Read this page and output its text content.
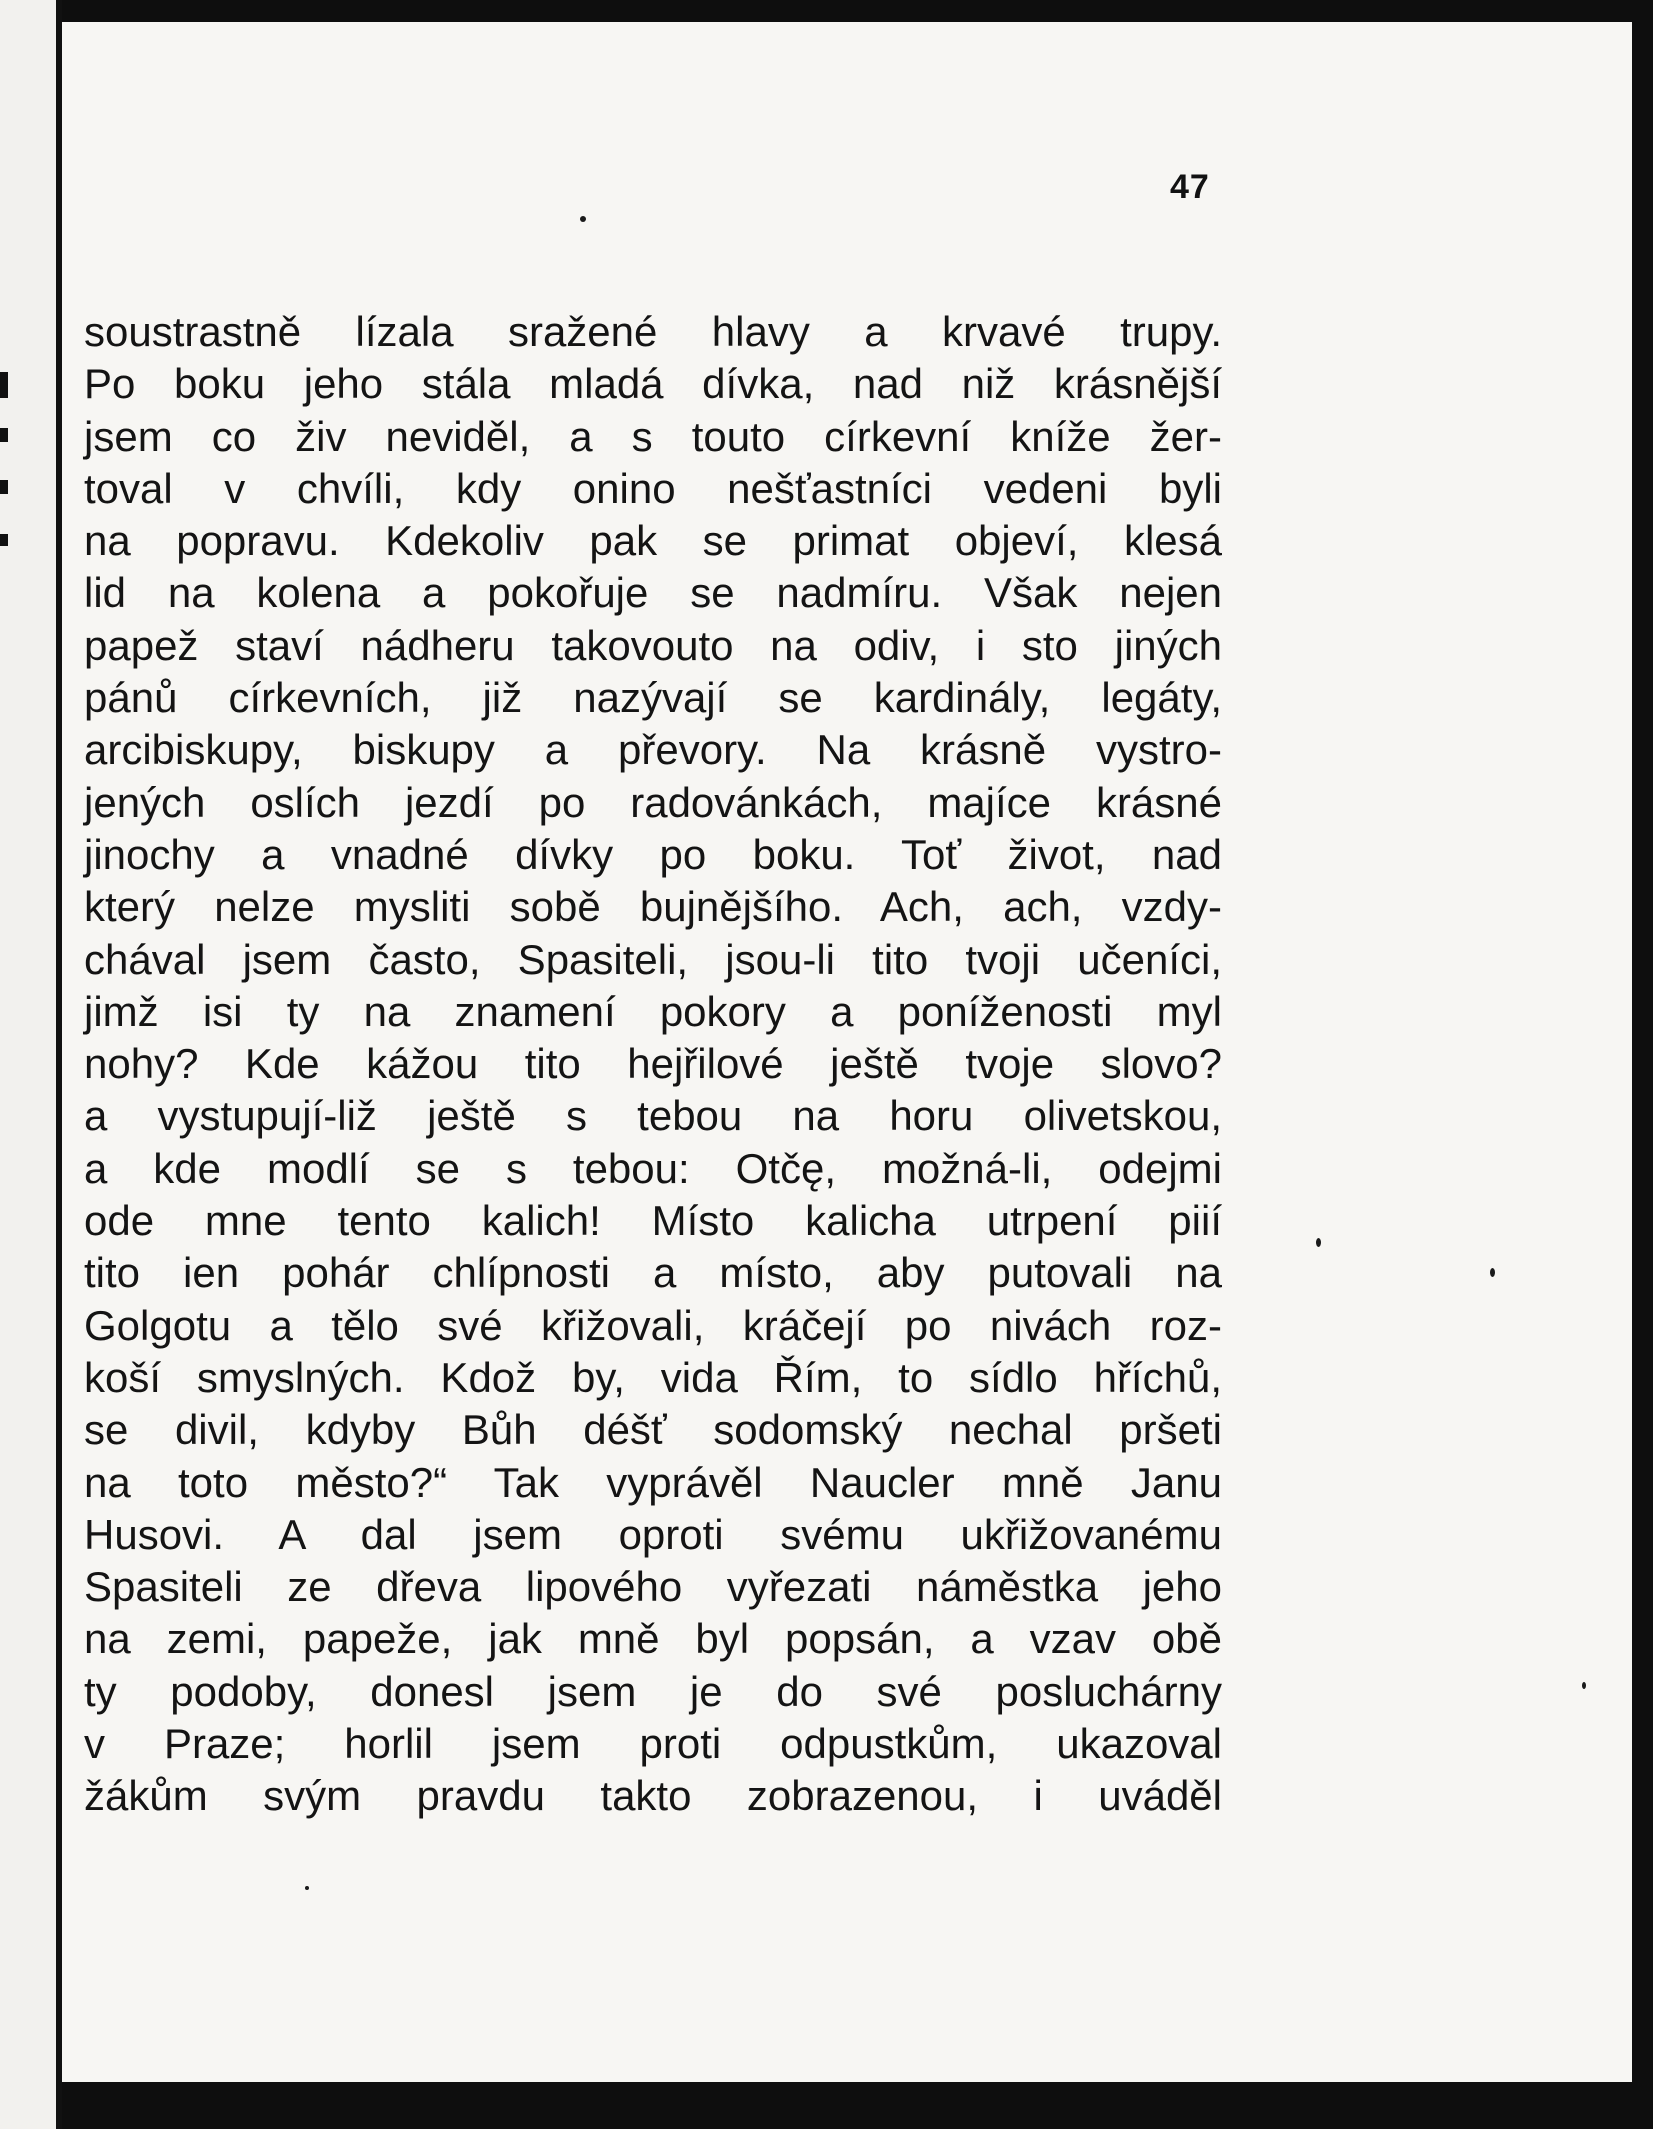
47
soustrastně lízala sražené hlavy a krvavé trupy.
Po boku jeho stála mladá dívka, nad niž krásnější
jsem co živ neviděl, a s touto církevní kníže žer-
toval v chvíli, kdy onino nešťastníci vedeni byli
na popravu. Kdekoliv pak se primat objeví, klesá
lid na kolena a pokořuje se nadmíru. Však nejen
papež staví nádheru takovouto na odiv, i sto jiných
pánů církevních, již nazývají se kardinály, legáty,
arcibiskupy, biskupy a převory. Na krásně vystro-
jených oslích jezdí po radovánkách, majíce krásné
jinochy a vnadné dívky po boku. Toť život, nad
který nelze mysliti sobě bujnějšího. Ach, ach, vzdy-
chával jsem často, Spasiteli, jsou-li tito tvoji učeníci,
jimž isi ty na znamení pokory a poníženosti myl
nohy? Kde kážou tito hejřilové ještě tvoje slovo?
a vystupují-liž ještě s tebou na horu olivetskou,
a kde modlí se s tebou: Otčę, možná-li, odejmi
ode mne tento kalich! Místo kalicha utrpení piií
tito ien pohár chlípnosti a místo, aby putovali na
Golgotu a tělo své křižovali, kráčejí po nivách roz-
koší smyslných. Kdož by, vida Řím, to sídlo hříchů,
se divil, kdyby Bůh déšť sodomský nechal pršeti
na toto město?“ Tak vyprávěl Naucler mně Janu
Husovi. A dal jsem oproti svému ukřižovanému
Spasiteli ze dřeva lipového vyřezati náměstka jeho
na zemi, papeže, jak mně byl popsán, a vzav obě
ty podoby, donesl jsem je do své posluchárny
v Praze; horlil jsem proti odpustkům, ukazoval
žákům svým pravdu takto zobrazenou, i uváděl
